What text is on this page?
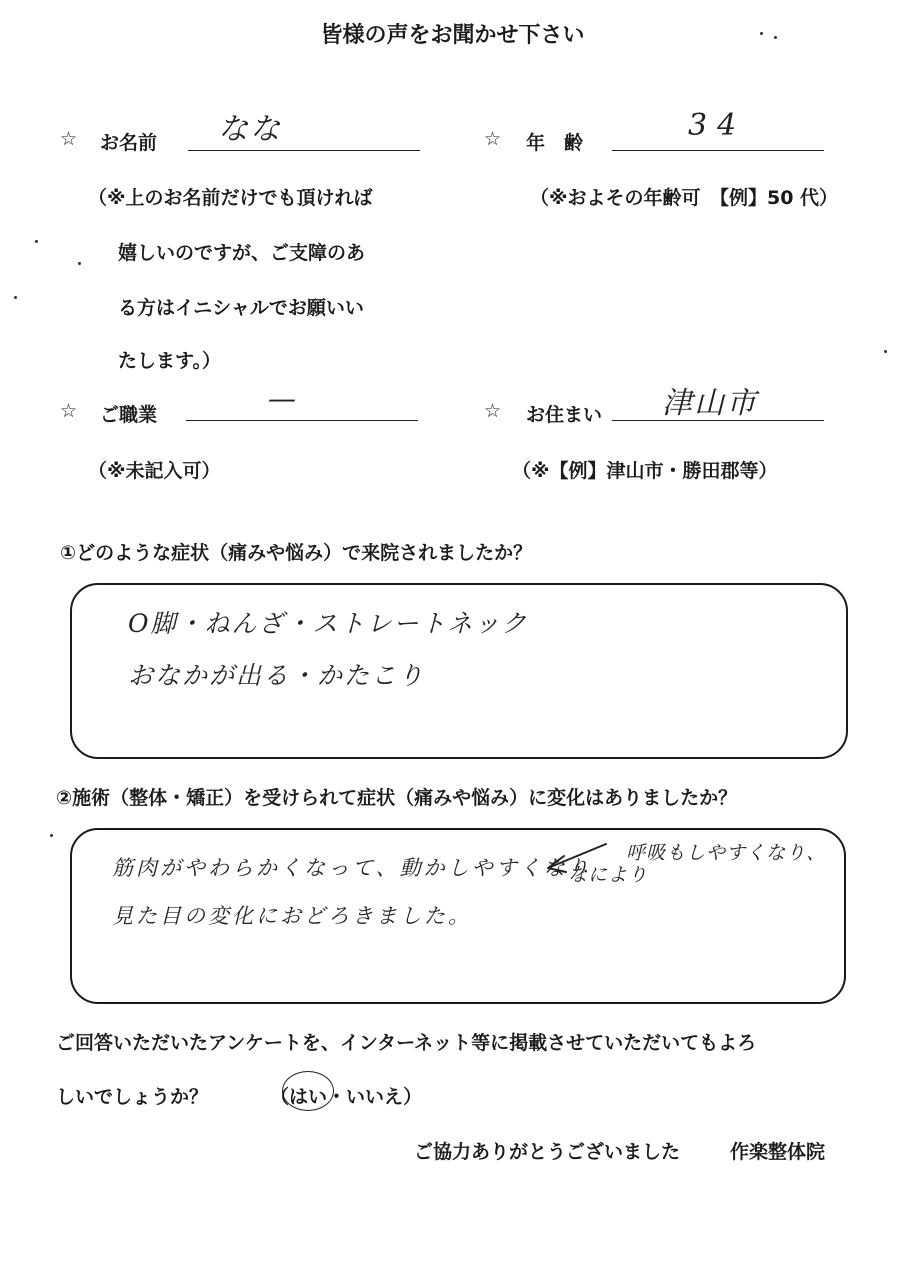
皆様の声をお聞かせ下さい
☆ お名前 なな
（※上のお名前だけでも頂ければ
嬉しいのですが、ご支障のあ
る方はイニシャルでお願いい
たします。）
☆ 年　齢	34
（※およその年齢可　【例】50 代）
☆ ご職業	—
（※未記入可）
☆ お住まい 津山市
（※【例】津山市・勝田郡等）
①どのような症状（痛みや悩み）で来院されましたか？
O脚・ねんざ・ストレートネック
おなかが出る・かたこり
②施術（整体・矯正）を受けられて症状（痛みや悩み）に変化はありましたか？
筋肉がやわらかくなって、動かしやすくなり
見た目の変化におどろきました。
なにより
呼吸もしやすくなり、
ご回答いただいたアンケートを、インターネット等に掲載させていただいてもよろ
しいでしょうか？	（はい・いいえ）
ご協力ありがとうございました	作楽整体院
